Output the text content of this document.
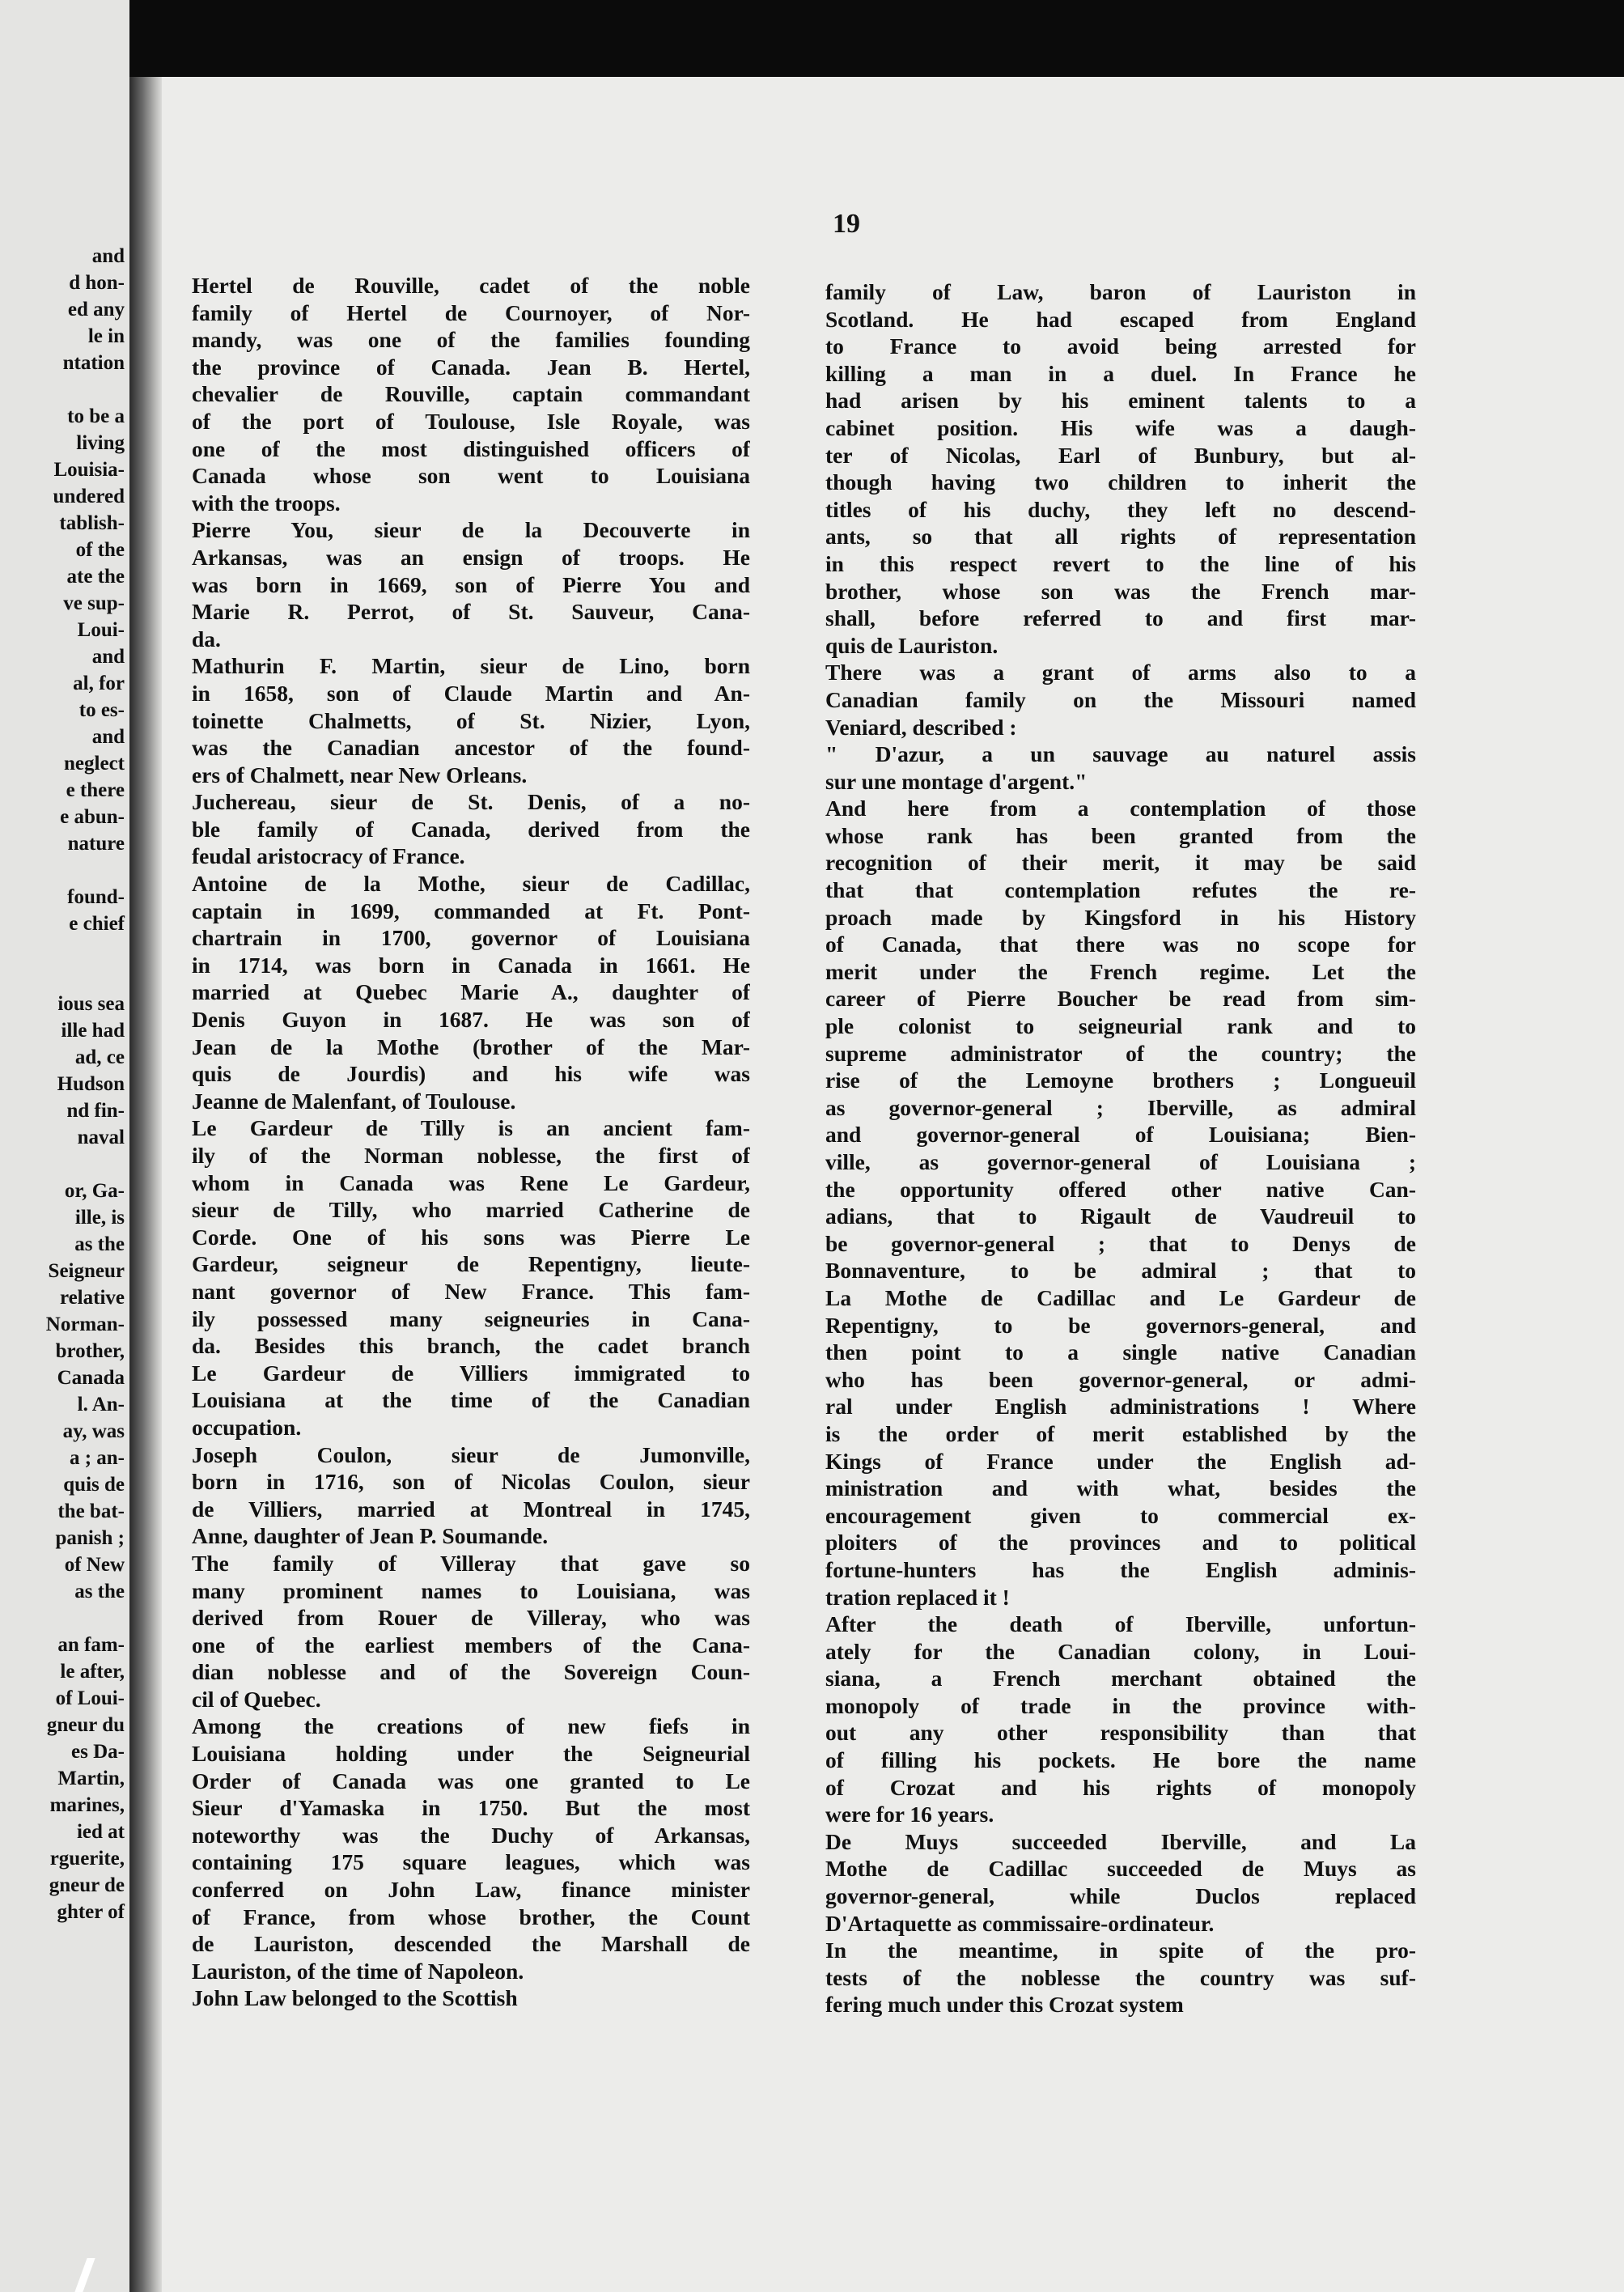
and
d hon-
ed any
le in
ntation

to be a
living
Louisia-
undered
tablish-
of the
ate the
ve sup-
Loui-
and
al, for
to es-
and
neglect
e there
e abun-
nature

found-
e chief

ious sea
ille had
ad, ce
Hudson
nd fin-
naval

or, Ga-
ille, is
as the
Seigneur
relative
Norman-
brother,
Canada
l. An-
ay, was
a ; an-
quis de
the bat-
panish ;
of New
as the

an fam-
le after,
of Loui-
gneur du
es Da-
Martin,
marines,
ied at
rguerite,
gneur de
ghter of
19
Hertel de Rouville, cadet of the noble
family of Hertel de Cournoyer, of Nor-
mandy, was one of the families founding
the province of Canada. Jean B. Hertel,
chevalier de Rouville, captain commandant
of the port of Toulouse, Isle Royale, was
one of the most distinguished officers of
Canada whose son went to Louisiana
with the troops.
Pierre You, sieur de la Decouverte in
Arkansas, was an ensign of troops. He
was born in 1669, son of Pierre You and
Marie R. Perrot, of St. Sauveur, Cana-
da.
Mathurin F. Martin, sieur de Lino, born
in 1658, son of Claude Martin and An-
toinette Chalmetts, of St. Nizier, Lyon,
was the Canadian ancestor of the found-
ers of Chalmett, near New Orleans.
Juchereau, sieur de St. Denis, of a no-
ble family of Canada, derived from the
feudal aristocracy of France.
Antoine de la Mothe, sieur de Cadillac,
captain in 1699, commanded at Ft. Pont-
chartrain in 1700, governor of Louisiana
in 1714, was born in Canada in 1661. He
married at Quebec Marie A., daughter of
Denis Guyon in 1687. He was son of
Jean de la Mothe (brother of the Mar-
quis de Jourdis) and his wife was
Jeanne de Malenfant, of Toulouse.
Le Gardeur de Tilly is an ancient fam-
ily of the Norman noblesse, the first of
whom in Canada was Rene Le Gardeur,
sieur de Tilly, who married Catherine de
Corde. One of his sons was Pierre Le
Gardeur, seigneur de Repentigny, lieute-
nant governor of New France. This fam-
ily possessed many seigneuries in Cana-
da. Besides this branch, the cadet branch
Le Gardeur de Villiers immigrated to
Louisiana at the time of the Canadian
occupation.
Joseph Coulon, sieur de Jumonville,
born in 1716, son of Nicolas Coulon, sieur
de Villiers, married at Montreal in 1745,
Anne, daughter of Jean P. Soumande.
The family of Villeray that gave so
many prominent names to Louisiana, was
derived from Rouer de Villeray, who was
one of the earliest members of the Cana-
dian noblesse and of the Sovereign Coun-
cil of Quebec.
Among the creations of new fiefs in
Louisiana holding under the Seigneurial
Order of Canada was one granted to Le
Sieur d'Yamaska in 1750. But the most
noteworthy was the Duchy of Arkansas,
containing 175 square leagues, which was
conferred on John Law, finance minister
of France, from whose brother, the Count
de Lauriston, descended the Marshall de
Lauriston, of the time of Napoleon.
John Law belonged to the Scottish
family of Law, baron of Lauriston in
Scotland. He had escaped from England
to France to avoid being arrested for
killing a man in a duel. In France he
had arisen by his eminent talents to a
cabinet position. His wife was a daugh-
ter of Nicolas, Earl of Bunbury, but al-
though having two children to inherit the
titles of his duchy, they left no descend-
ants, so that all rights of representation
in this respect revert to the line of his
brother, whose son was the French mar-
shall, before referred to and first mar-
quis de Lauriston.
There was a grant of arms also to a
Canadian family on the Missouri named
Veniard, described :
" D'azur, a un sauvage au naturel assis
sur une montage d'argent."
And here from a contemplation of those
whose rank has been granted from the
recognition of their merit, it may be said
that that contemplation refutes the re-
proach made by Kingsford in his History
of Canada, that there was no scope for
merit under the French regime. Let the
career of Pierre Boucher be read from sim-
ple colonist to seigneurial rank and to
supreme administrator of the country; the
rise of the Lemoyne brothers ; Longueuil
as governor-general ; Iberville, as admiral
and governor-general of Louisiana; Bien-
ville, as governor-general of Louisiana ;
the opportunity offered other native Can-
adians, that to Rigault de Vaudreuil to
be governor-general ; that to Denys de
Bonnaventure, to be admiral ; that to
La Mothe de Cadillac and Le Gardeur de
Repentigny, to be governors-general, and
then point to a single native Canadian
who has been governor-general, or admi-
ral under English administrations ! Where
is the order of merit established by the
Kings of France under the English ad-
ministration and with what, besides the
encouragement given to commercial ex-
ploiters of the provinces and to political
fortune-hunters has the English adminis-
tration replaced it !
After the death of Iberville, unfortun-
ately for the Canadian colony, in Loui-
siana, a French merchant obtained the
monopoly of trade in the province with-
out any other responsibility than that
of filling his pockets. He bore the name
of Crozat and his rights of monopoly
were for 16 years.
De Muys succeeded Iberville, and La
Mothe de Cadillac succeeded de Muys as
governor-general, while Duclos replaced
D'Artaquette as commissaire-ordinateur.
In the meantime, in spite of the pro-
tests of the noblesse the country was suf-
fering much under this Crozat system
